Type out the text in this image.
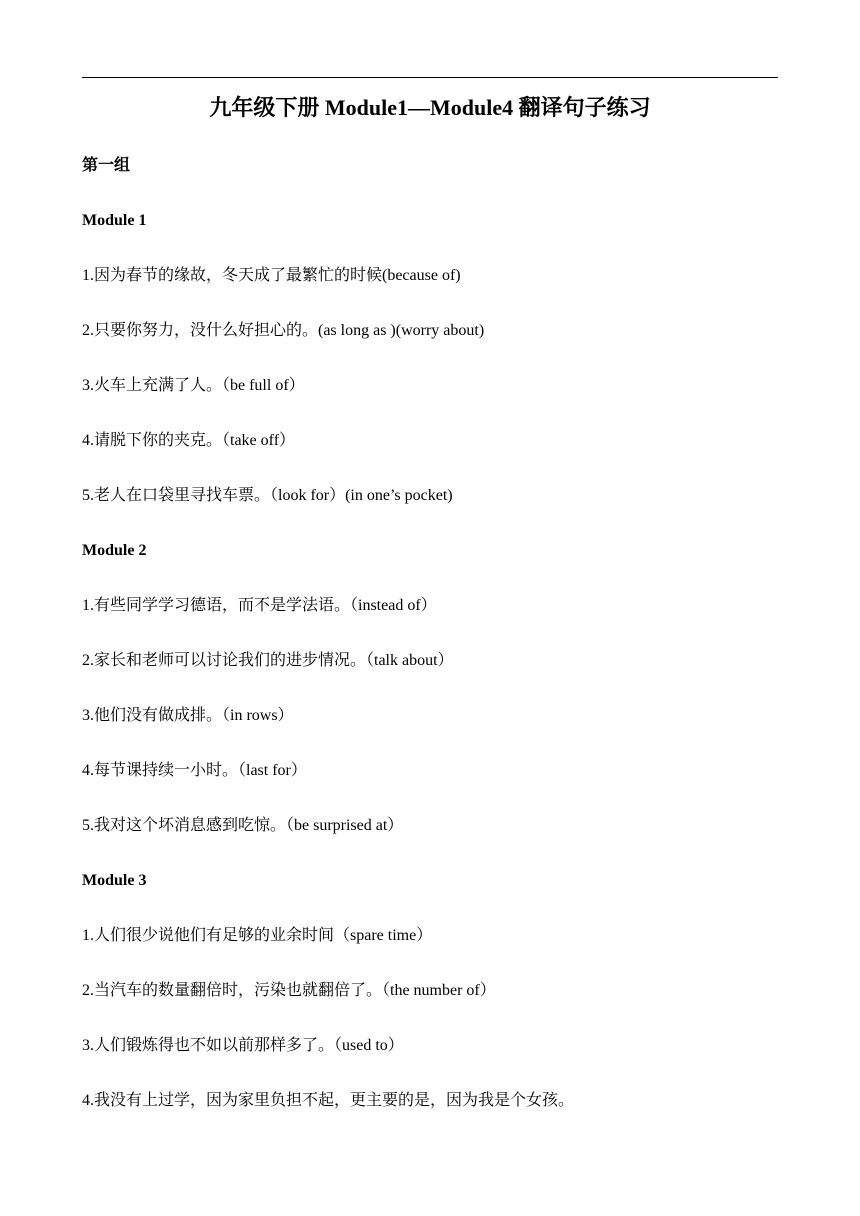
九年级下册 Module1—Module4 翻译句子练习
第一组
Module 1
1.因为春节的缘故，冬天成了最繁忙的时候(because of)
2.只要你努力，没什么好担心的。(as long as )(worry about)
3.火车上充满了人。（be full of）
4.请脱下你的夹克。（take off）
5.老人在口袋里寻找车票。（look for）(in one’s pocket)
Module 2
1.有些同学学习德语，而不是学法语。（instead of）
2.家长和老师可以讨论我们的进步情况。（talk about）
3.他们没有做成排。（in rows）
4.每节课持续一小时。（last for）
5.我对这个坏消息感到吃惊。（be surprised at）
Module 3
1.人们很少说他们有足够的业余时间（spare time）
2.当汽车的数量翻倍时，污染也就翻倍了。（the number of）
3.人们锻炼得也不如以前那样多了。（used to）
4.我没有上过学，因为家里负担不起，更主要的是，因为我是个女孩。
